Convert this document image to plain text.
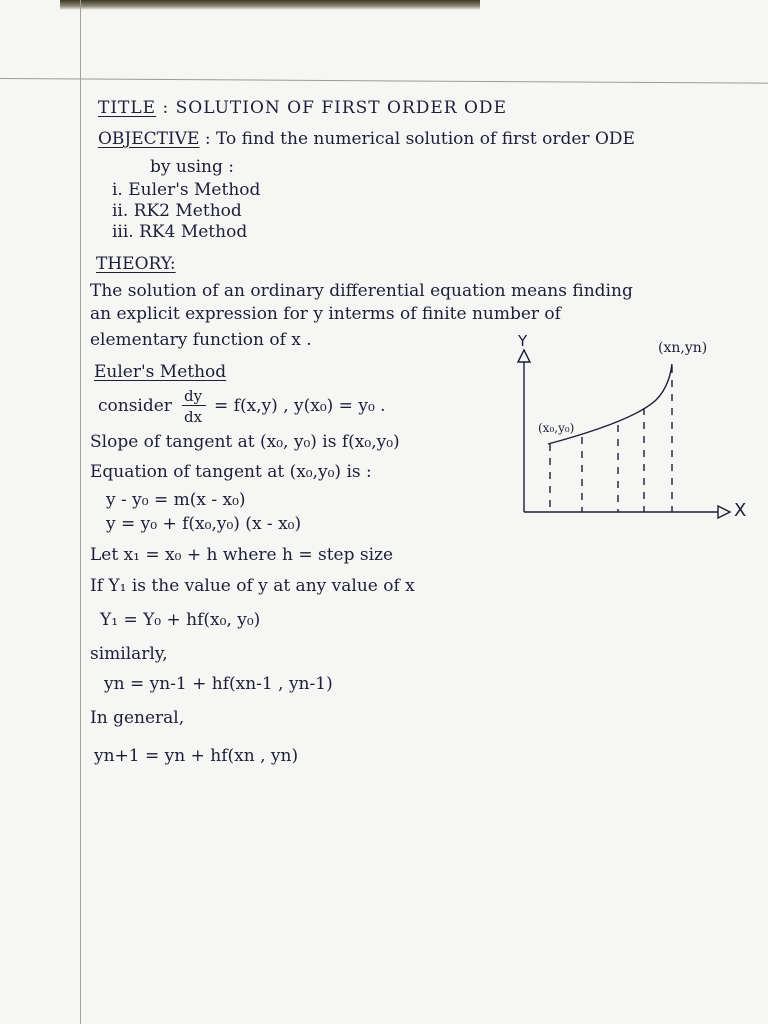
TITLE : SOLUTION OF FIRST ORDER ODE
OBJECTIVE : To find the numerical solution of first order ODE
by using :
i. Euler's Method
ii. RK2 Method
iii. RK4 Method
THEORY:
The solution of an ordinary differential equation means finding
an explicit expression for y interms of finite number of
elementary function of x .
Euler's Method
consider dy
dx
= f(x,y) , y(x₀) = y₀ .
Slope of tangent at (x₀, y₀) is f(x₀,y₀)
Equation of tangent at (x₀,y₀) is :
y - y₀ = m(x - x₀)
y = y₀ + f(x₀,y₀) (x - x₀)
Let x₁ = x₀ + h where h = step size
If Y₁ is the value of y at any value of x
Y₁ = Y₀ + hf(x₀, y₀)
similarly,
yn = yn-1 + hf(xn-1 , yn-1)
In general,
yn+1 = yn + hf(xn , yn)
Y
X
(x₀,y₀)
(xn,yn)
